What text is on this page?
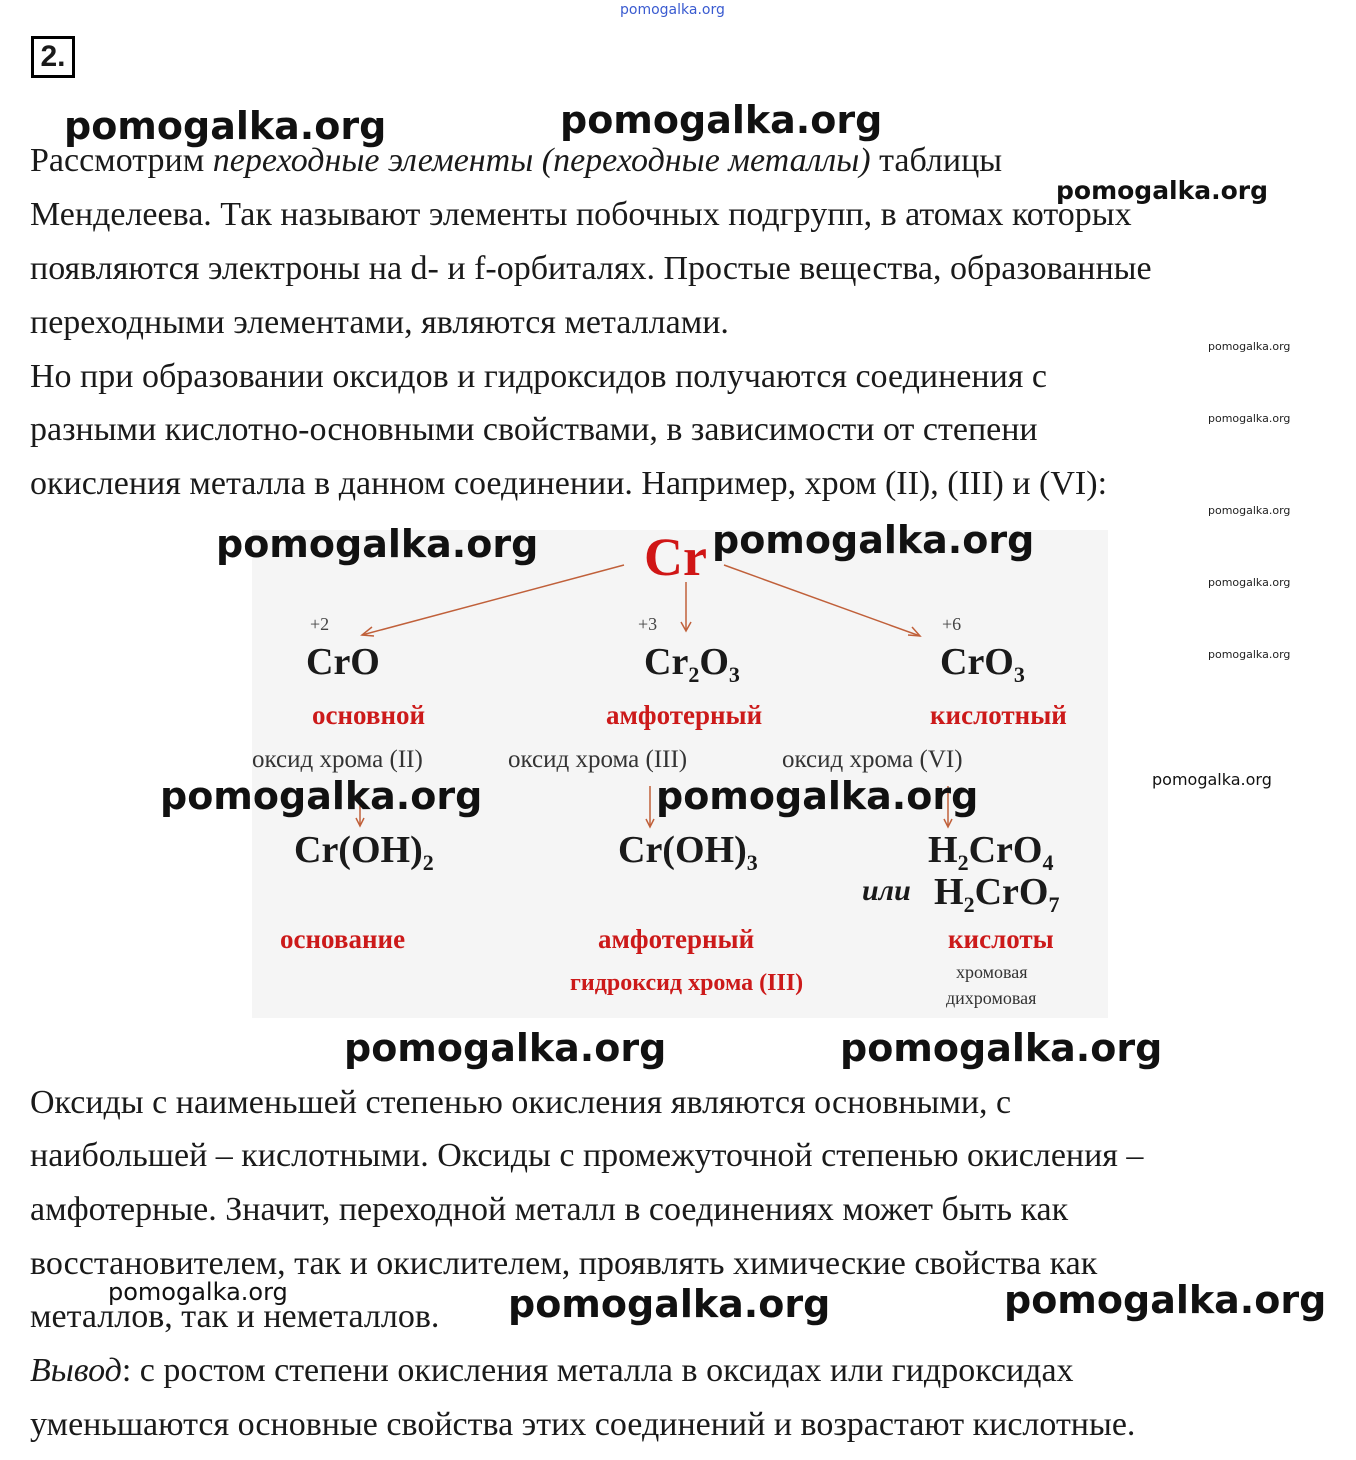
pomogalka.org
2.
Рассмотрим переходные элементы (переходные металлы) таблицы
Менделеева. Так называют элементы побочных подгрупп, в атомах которых
появляются электроны на d- и f-орбиталях. Простые вещества, образованные
переходными элементами, являются металлами.
Но при образовании оксидов и гидроксидов получаются соединения с
разными кислотно-основными свойствами, в зависимости от степени
окисления металла в данном соединении. Например, хром (II), (III) и (VI):
Cr
+2	+3	+6
CrO	$Cr_2O_3$	CrO$_3$
основной	амфотерный	кислотный
оксид хрома (II)	оксид хрома (III)	оксид хрома (VI)
$Cr(OH)_2$	$Cr(OH)_3$	$H_2CrO_4$
или $H_2CrO_7$
основание	амфотерный	кислоты
гидроксид хрома (III)	хромовая
дихромовая
Оксиды с наименьшей степенью окисления являются основными, с
наибольшей – кислотными. Оксиды с промежуточной степенью окисления –
амфотерные. Значит, переходной металл в соединениях может быть как
восстановителем, так и окислителем, проявлять химические свойства как
металлов, так и неметаллов.
Вывод: с ростом степени окисления металла в оксидах или гидроксидах
уменьшаются основные свойства этих соединений и возрастают кислотные.
pomogalka.org	pomogalka.org
pomogalka.org
pomogalka.org
pomogalka.org
pomogalka.org
pomogalka.org
pomogalka.org
pomogalka.org
pomogalka.org	pomogalka.org
pomogalka.org	pomogalka.org
pomogalka.org	pomogalka.org
pomogalka.org	pomogalka.org	pomogalka.org
